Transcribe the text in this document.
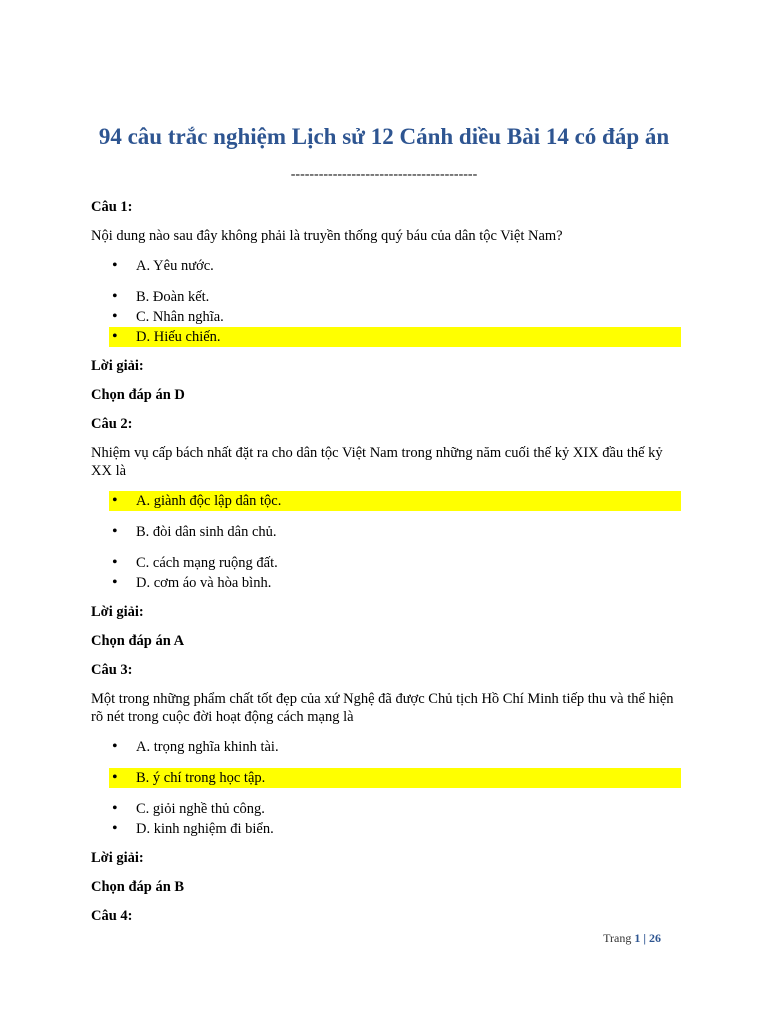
94 câu trắc nghiệm Lịch sử 12 Cánh diều Bài 14 có đáp án
----------------------------------------

Câu 1:

Nội dung nào sau đây không phải là truyền thống quý báu của dân tộc Việt Nam?

• A. Yêu nước.
• B. Đoàn kết.
• C. Nhân nghĩa.
• D. Hiếu chiến.

Lời giải:

Chọn đáp án D

Câu 2:

Nhiệm vụ cấp bách nhất đặt ra cho dân tộc Việt Nam trong những năm cuối thế kỷ XIX đầu thế kỷ XX là

• A. giành độc lập dân tộc.
• B. đòi dân sinh dân chủ.
• C. cách mạng ruộng đất.
• D. cơm áo và hòa bình.

Lời giải:

Chọn đáp án A

Câu 3:

Một trong những phẩm chất tốt đẹp của xứ Nghệ đã được Chủ tịch Hồ Chí Minh tiếp thu và thể hiện rõ nét trong cuộc đời hoạt động cách mạng là

• A. trọng nghĩa khinh tài.
• B. ý chí trong học tập.
• C. giỏi nghề thủ công.
• D. kinh nghiệm đi biển.

Lời giải:

Chọn đáp án B

Câu 4:

Trang 1 | 26
